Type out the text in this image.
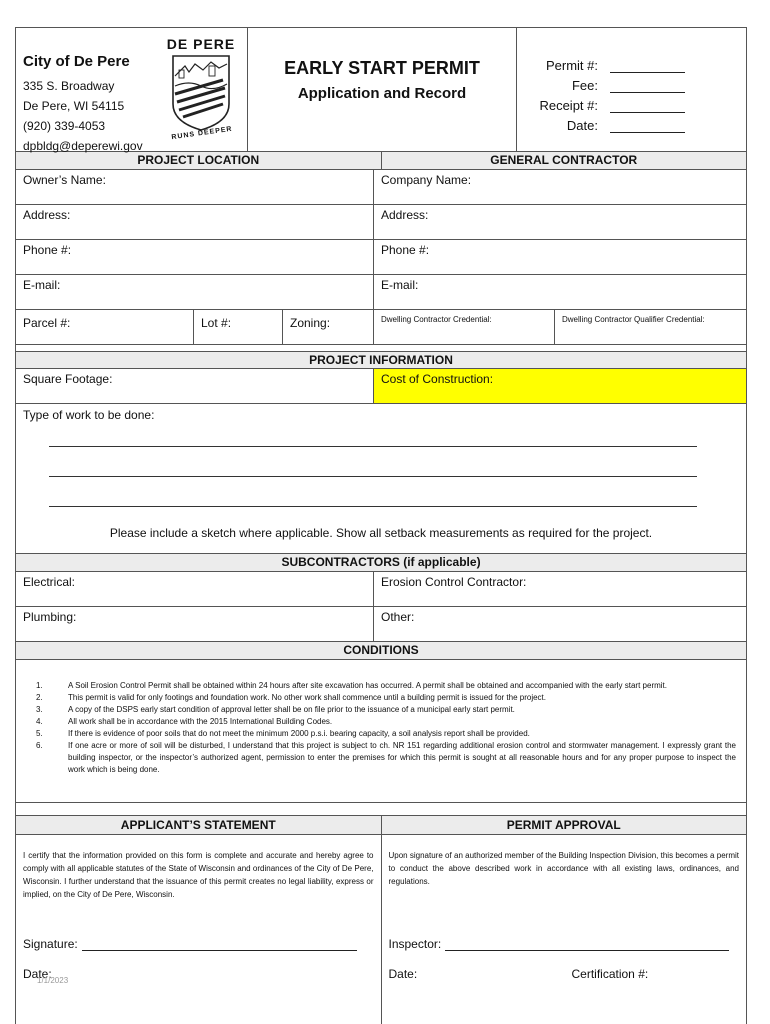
City of De Pere
335 S. Broadway
De Pere, WI 54115
(920) 339-4053
dpbldg@deperewi.gov
DE PERE
RUNS DEEPER
EARLY START PERMIT
Application and Record
Permit #:
Fee:
Receipt #:
Date:
PROJECT LOCATION	GENERAL CONTRACTOR
Owner’s Name:	Company Name:
Address:	Address:
Phone #:	Phone #:
E-mail:	E-mail:
Parcel #:	Lot #:	Zoning:	Dwelling Contractor Credential:	Dwelling Contractor Qualifier Credential:
PROJECT INFORMATION
Square Footage:	Cost of Construction:
Type of work to be done:
Please include a sketch where applicable. Show all setback measurements as required for the project.
SUBCONTRACTORS (if applicable)
Electrical:	Erosion Control Contractor:
Plumbing:	Other:
CONDITIONS
1.	A Soil Erosion Control Permit shall be obtained within 24 hours after site excavation has occurred. A permit shall be obtained and accompanied with the early start permit.
2.	This permit is valid for only footings and foundation work. No other work shall commence until a building permit is issued for the project.
3.	A copy of the DSPS early start condition of approval letter shall be on file prior to the issuance of a municipal early start permit.
4.	All work shall be in accordance with the 2015 International Building Codes.
5.	If there is evidence of poor soils that do not meet the minimum 2000 p.s.i. bearing capacity, a soil analysis report shall be provided.
6.	If one acre or more of soil will be disturbed, I understand that this project is subject to ch. NR 151 regarding additional erosion control and stormwater management. I expressly grant the building inspector, or the inspector’s authorized agent, permission to enter the premises for which this permit is sought at all reasonable hours and for any proper purpose to inspect the work which is being done.
APPLICANT’S STATEMENT	PERMIT APPROVAL
I certify that the information provided on this form is complete and accurate and hereby agree to comply with all applicable statutes of the State of Wisconsin and ordinances of the City of De Pere, Wisconsin. I further understand that the issuance of this permit creates no legal liability, express or implied, on the City of De Pere, Wisconsin.
Signature:
Date:
Upon signature of an authorized member of the Building Inspection Division, this becomes a permit to conduct the above described work in accordance with all existing laws, ordinances, and regulations.
Inspector:
Date:	Certification #:
1/1/2023
